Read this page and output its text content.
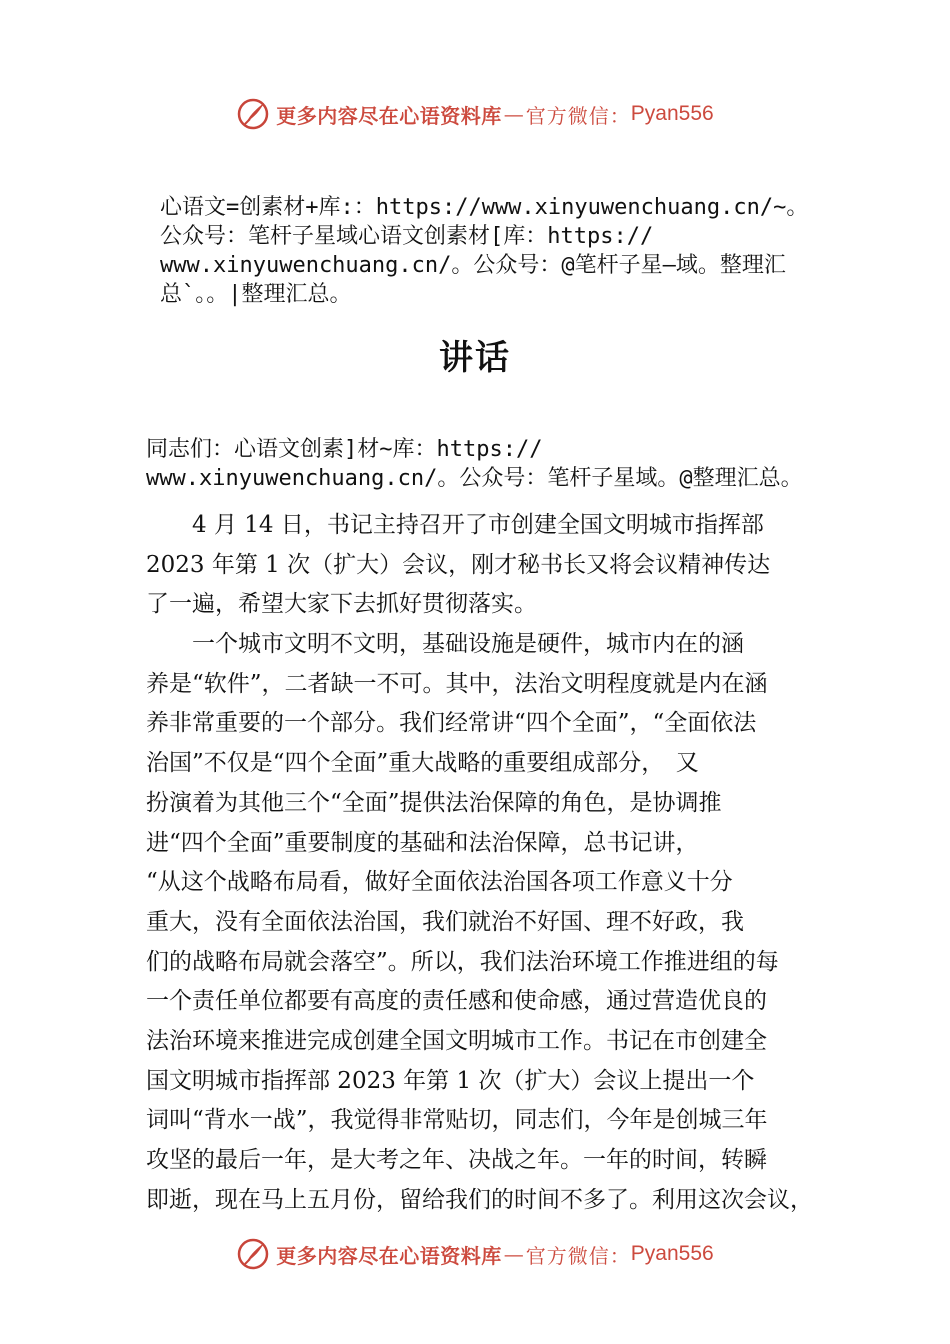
更多内容尽在心语资料库 — 官方微信： Pyan556
心语文=创素材+库:：https://www.xinyuwenchuang.cn/~。
公众号：笔杆子星域心语文创素材[库：https://
www.xinyuwenchuang.cn/。公众号：@笔杆子星—域。整理汇
总`。。|整理汇总。
讲话
同志们：心语文创素]材~库：https://
www.xinyuwenchuang.cn/。公众号：笔杆子星域。@整理汇总。
　　4 月 14 日，书记主持召开了市创建全国文明城市指挥部
2023 年第 1 次（扩大）会议，刚才秘书长又将会议精神传达
了一遍，希望大家下去抓好贯彻落实。
　　一个城市文明不文明，基础设施是硬件，城市内在的涵
养是“软件”，二者缺一不可。其中，法治文明程度就是内在涵
养非常重要的一个部分。我们经常讲“四个全面”，“全面依法
治国”不仅是“四个全面”重大战略的重要组成部分，　又
扮演着为其他三个“全面”提供法治保障的角色，是协调推
进“四个全面”重要制度的基础和法治保障，总书记讲，
“从这个战略布局看，做好全面依法治国各项工作意义十分
重大，没有全面依法治国，我们就治不好国、理不好政，我
们的战略布局就会落空”。所以，我们法治环境工作推进组的每
一个责任单位都要有高度的责任感和使命感，通过营造优良的
法治环境来推进完成创建全国文明城市工作。书记在市创建全
国文明城市指挥部 2023 年第 1 次（扩大）会议上提出一个
词叫“背水一战”，我觉得非常贴切，同志们，今年是创城三年
攻坚的最后一年，是大考之年、决战之年。一年的时间，转瞬
即逝，现在马上五月份，留给我们的时间不多了。利用这次会议，
更多内容尽在心语资料库 — 官方微信： Pyan556
